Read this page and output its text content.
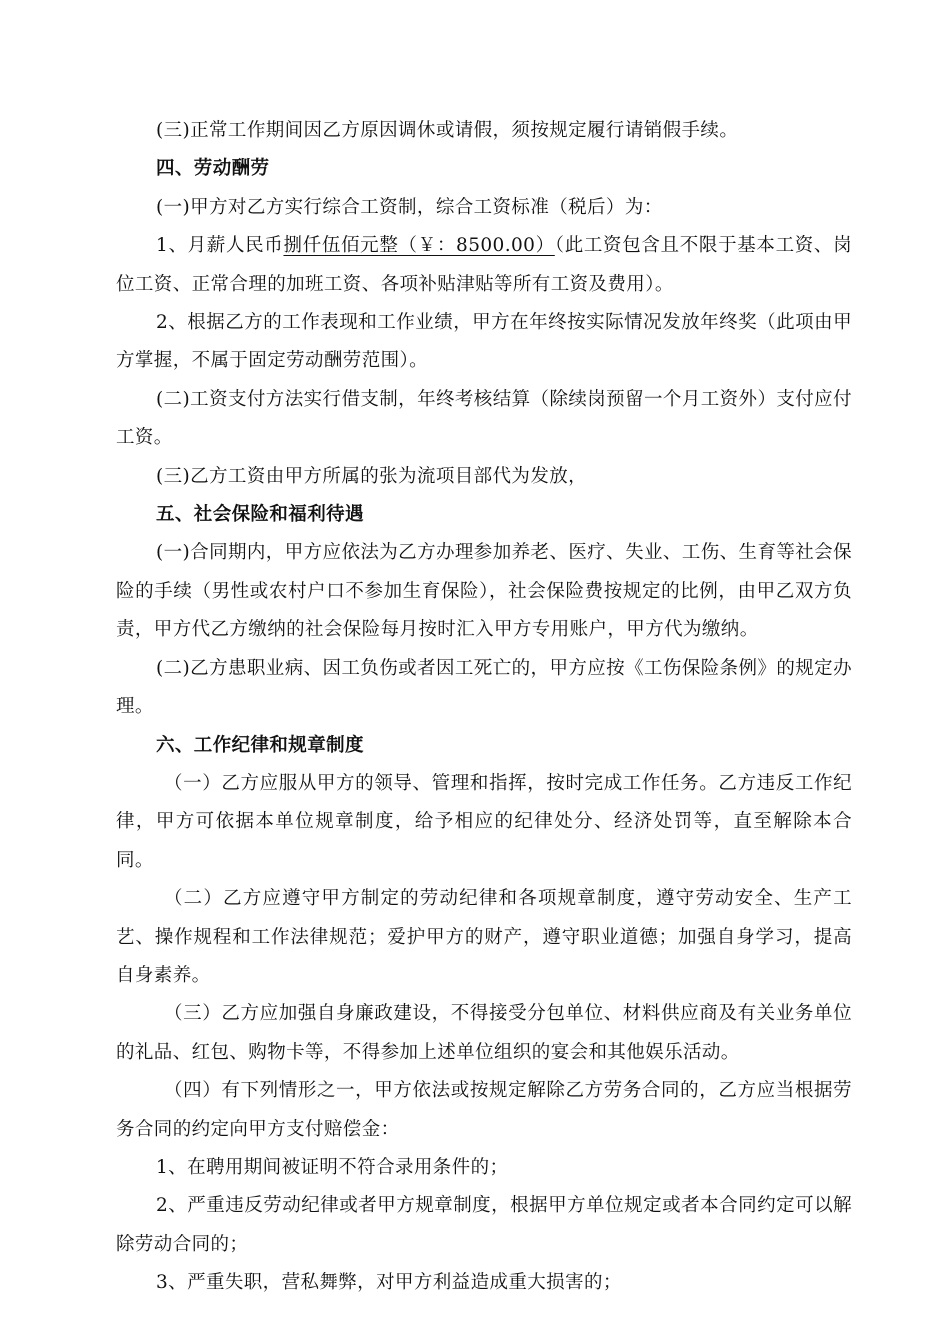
(三)正常工作期间因乙方原因调休或请假，须按规定履行请销假手续。

四、劳动酬劳

(一)甲方对乙方实行综合工资制，综合工资标准（税后）为：

1、月薪人民币捌仟伍佰元整（￥：8500.00）（此工资包含且不限于基本工资、岗位工资、正常合理的加班工资、各项补贴津贴等所有工资及费用）。

2、根据乙方的工作表现和工作业绩，甲方在年终按实际情况发放年终奖（此项由甲方掌握，不属于固定劳动酬劳范围）。

(二)工资支付方法实行借支制，年终考核结算（除续岗预留一个月工资外）支付应付工资。

(三)乙方工资由甲方所属的张为流项目部代为发放，

五、社会保险和福利待遇

(一)合同期内，甲方应依法为乙方办理参加养老、医疗、失业、工伤、生育等社会保险的手续（男性或农村户口不参加生育保险），社会保险费按规定的比例，由甲乙双方负责，甲方代乙方缴纳的社会保险每月按时汇入甲方专用账户，甲方代为缴纳。

(二)乙方患职业病、因工负伤或者因工死亡的，甲方应按《工伤保险条例》的规定办理。

六、工作纪律和规章制度

（一）乙方应服从甲方的领导、管理和指挥，按时完成工作任务。乙方违反工作纪律，甲方可依据本单位规章制度，给予相应的纪律处分、经济处罚等，直至解除本合同。

（二）乙方应遵守甲方制定的劳动纪律和各项规章制度，遵守劳动安全、生产工艺、操作规程和工作法律规范；爱护甲方的财产，遵守职业道德；加强自身学习，提高自身素养。

（三）乙方应加强自身廉政建设，不得接受分包单位、材料供应商及有关业务单位的礼品、红包、购物卡等，不得参加上述单位组织的宴会和其他娱乐活动。

（四）有下列情形之一，甲方依法或按规定解除乙方劳务合同的，乙方应当根据劳务合同的约定向甲方支付赔偿金：

1、在聘用期间被证明不符合录用条件的；

2、严重违反劳动纪律或者甲方规章制度，根据甲方单位规定或者本合同约定可以解除劳动合同的；

3、严重失职，营私舞弊，对甲方利益造成重大损害的；
